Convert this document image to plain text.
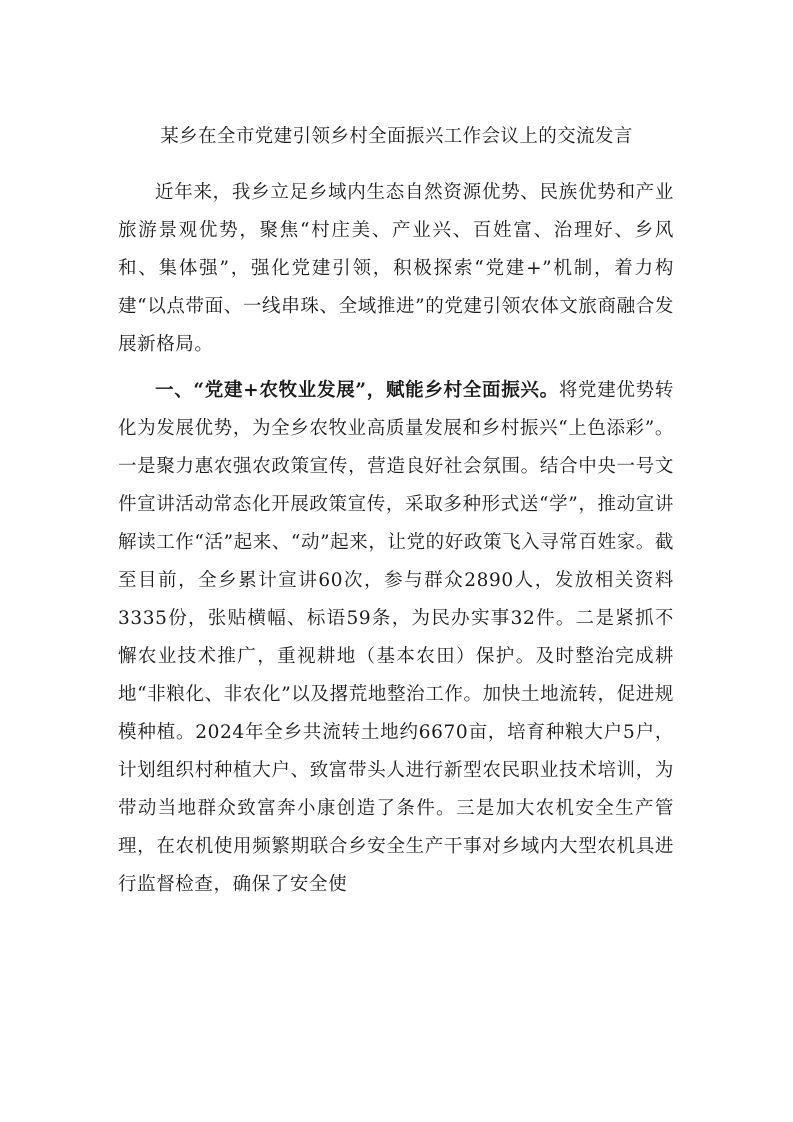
某乡在全市党建引领乡村全面振兴工作会议上的交流发言

近年来，我乡立足乡域内生态自然资源优势、民族优势和产业旅游景观优势，聚焦“村庄美、产业兴、百姓富、治理好、乡风和、集体强”，强化党建引领，积极探索“党建+”机制，着力构建“以点带面、一线串珠、全域推进”的党建引领农体文旅商融合发展新格局。

一、“党建+农牧业发展”，赋能乡村全面振兴。将党建优势转化为发展优势，为全乡农牧业高质量发展和乡村振兴“上色添彩”。一是聚力惠农强农政策宣传，营造良好社会氛围。结合中央一号文件宣讲活动常态化开展政策宣传，采取多种形式送“学”，推动宣讲解读工作“活”起来、“动”起来，让党的好政策飞入寻常百姓家。截至目前，全乡累计宣讲60次，参与群众2890人，发放相关资料3335份，张贴横幅、标语59条，为民办实事32件。二是紧抓不懈农业技术推广，重视耕地（基本农田）保护。及时整治完成耕地“非粮化、非农化”以及撂荒地整治工作。加快土地流转，促进规模种植。2024年全乡共流转土地约6670亩，培育种粮大户5户，计划组织村种植大户、致富带头人进行新型农民职业技术培训，为带动当地群众致富奔小康创造了条件。三是加大农机安全生产管理，在农机使用频繁期联合乡安全生产干事对乡域内大型农机具进行监督检查，确保了安全使
